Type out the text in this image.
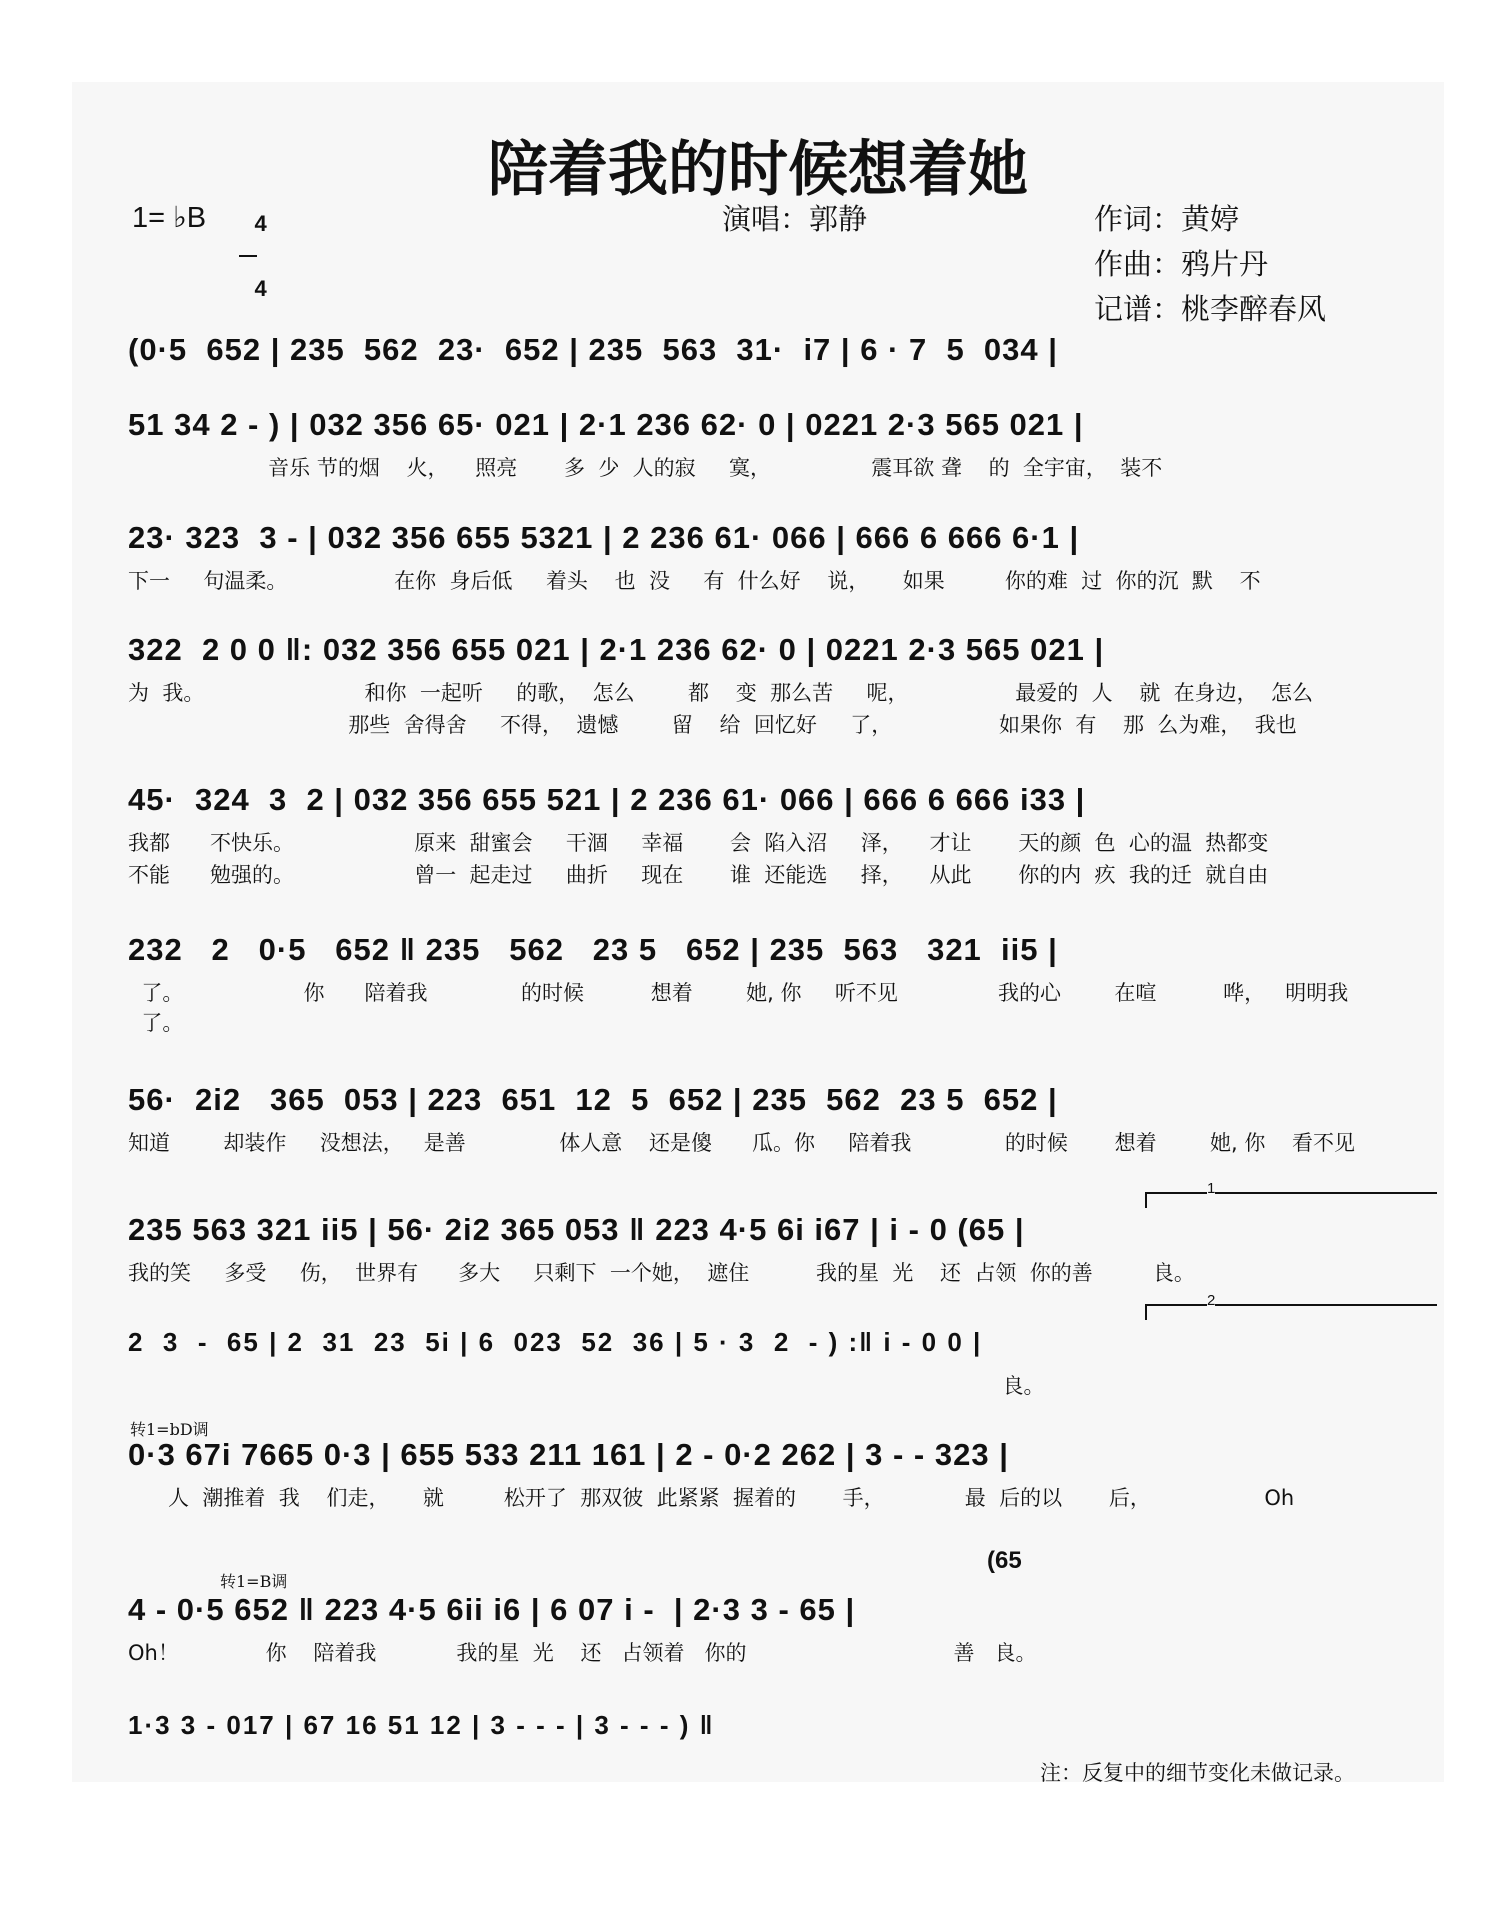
陪着我的时候想着她
1= ♭B	4

4

演唱：郭静	作词：黄婷
作曲：鸦片丹
记谱：桃李醉春风
(0·5  652 | 235  562  23·  652 | 235  563  31·  i7 | 6 · 7  5  034 |
51 34 2 - ) | 032 356 65· 021 | 2·1 236 62· 0 | 0221 2·3 565 021 |
音乐 节的烟    火，    照亮       多  少  人的寂     寞，               震耳欲 聋    的  全宇宙，  装不
23· 323  3 - | 032 356 655 5321 | 2 236 61· 066 | 666 6 666 6·1 |
下一     句温柔。                在你  身后低     着头    也  没     有  什么好    说，     如果         你的难  过  你的沉  默    不
322  2 0 0 ‖: 032 356 655 021 | 2·1 236 62· 0 | 0221 2·3 565 021 |
为  我。                        和你  一起听     的歌，  怎么        都    变  那么苦     呢，                最爱的  人    就  在身边，  怎么
那些  舍得舍     不得，  遗憾        留    给  回忆好     了，                如果你  有    那  么为难，  我也
45·  324  3  2 | 032 356 655 521 | 2 236 61· 066 | 666 6 666 i33 |
我都      不快乐。                  原来  甜蜜会     干涸     幸福       会  陷入沼     泽，    才让       天的颜  色  心的温  热都变
不能      勉强的。                  曾一  起走过     曲折     现在       谁  还能选     择，    从此       你的内  疚  我的迁  就自由
232   2   0·5   652 ‖ 235   562   23 5   652 | 235  563   321  ii5 |
了。                  你      陪着我              的时候          想着        她, 你     听不见               我的心        在喧          哗，   明明我
了。
56·  2i2   365  053 | 223  651  12  5  652 | 235  562  23 5  652 |
知道        却装作     没想法，   是善              体人意    还是傻      瓜。你     陪着我              的时候       想着        她, 你    看不见
235 563 321 ii5 | 56· 2i2 365 053 ‖ 223 4·5 6i i67 | i - 0 (65 |
我的笑     多受     伤，  世界有      多大     只剩下  一个她，  遮住          我的星  光    还  占领  你的善         良。
1
2  3  -  65 | 2  31  23  5i | 6  023  52  36 | 5 · 3  2  - ) :‖ i - 0 0 |
良。
2
转1=bD调
0·3 67i 7665 0·3 | 655 533 211 161 | 2 - 0·2 262 | 3 - - 323 |
人  潮推着  我    们走，     就         松开了  那双彼  此紧紧  握着的       手，            最  后的以       后，                 Oh
转1=B调
(65
4 - 0·5 652 ‖ 223 4·5 6ii i6 | 6 07 i -  | 2·3 3 - 65 |
Oh！             你    陪着我            我的星  光    还   占领着   你的                               善   良。
1·3 3 - 017 | 67 16 51 12 | 3 - - - | 3 - - - ) ‖
注：反复中的细节变化未做记录。
